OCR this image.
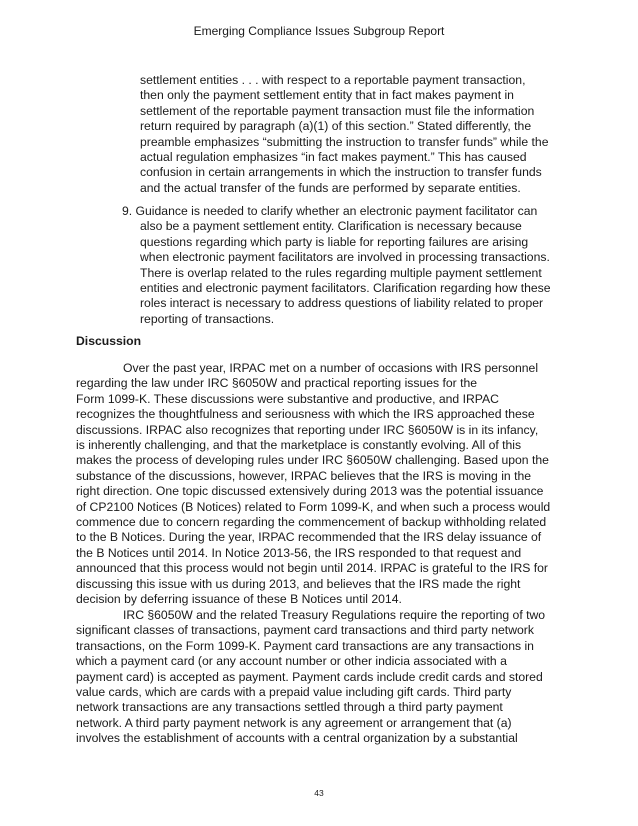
Emerging Compliance Issues Subgroup Report
settlement entities . . . with respect to a reportable payment transaction,
then only the payment settlement entity that in fact makes payment in
settlement of the reportable payment transaction must file the information
return required by paragraph (a)(1) of this section.” Stated differently, the
preamble emphasizes “submitting the instruction to transfer funds” while the
actual regulation emphasizes “in fact makes payment.” This has caused
confusion in certain arrangements in which the instruction to transfer funds
and the actual transfer of the funds are performed by separate entities.
9. Guidance is needed to clarify whether an electronic payment facilitator can
also be a payment settlement entity. Clarification is necessary because
questions regarding which party is liable for reporting failures are arising
when electronic payment facilitators are involved in processing transactions.
There is overlap related to the rules regarding multiple payment settlement
entities and electronic payment facilitators. Clarification regarding how these
roles interact is necessary to address questions of liability related to proper
reporting of transactions.
Discussion
Over the past year, IRPAC met on a number of occasions with IRS personnel
regarding the law under IRC §6050W and practical reporting issues for the
Form 1099-K. These discussions were substantive and productive, and IRPAC
recognizes the thoughtfulness and seriousness with which the IRS approached these
discussions. IRPAC also recognizes that reporting under IRC §6050W is in its infancy,
is inherently challenging, and that the marketplace is constantly evolving. All of this
makes the process of developing rules under IRC §6050W challenging. Based upon the
substance of the discussions, however, IRPAC believes that the IRS is moving in the
right direction. One topic discussed extensively during 2013 was the potential issuance
of CP2100 Notices (B Notices) related to Form 1099-K, and when such a process would
commence due to concern regarding the commencement of backup withholding related
to the B Notices. During the year, IRPAC recommended that the IRS delay issuance of
the B Notices until 2014. In Notice 2013-56, the IRS responded to that request and
announced that this process would not begin until 2014. IRPAC is grateful to the IRS for
discussing this issue with us during 2013, and believes that the IRS made the right
decision by deferring issuance of these B Notices until 2014.
IRC §6050W and the related Treasury Regulations require the reporting of two
significant classes of transactions, payment card transactions and third party network
transactions, on the Form 1099-K. Payment card transactions are any transactions in
which a payment card (or any account number or other indicia associated with a
payment card) is accepted as payment. Payment cards include credit cards and stored
value cards, which are cards with a prepaid value including gift cards. Third party
network transactions are any transactions settled through a third party payment
network. A third party payment network is any agreement or arrangement that (a)
involves the establishment of accounts with a central organization by a substantial
43
